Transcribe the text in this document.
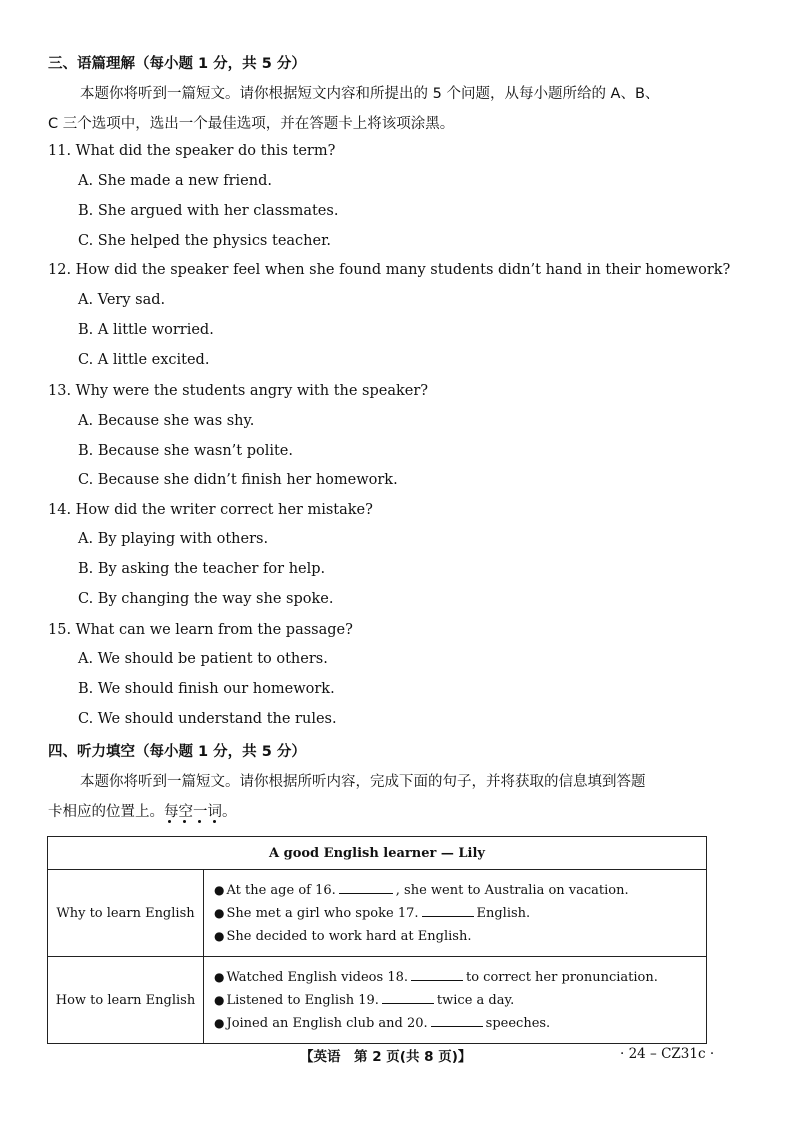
三、语篇理解（每小题 1 分，共 5 分）
本题你将听到一篇短文。请你根据短文内容和所提出的 5 个问题，从每小题所给的 A、B、
C 三个选项中，选出一个最佳选项，并在答题卡上将该项涂黑。
11. What did the speaker do this term?
A. She made a new friend.
B. She argued with her classmates.
C. She helped the physics teacher.
12. How did the speaker feel when she found many students didn’t hand in their homework?
A. Very sad.
B. A little worried.
C. A little excited.
13. Why were the students angry with the speaker?
A. Because she was shy.
B. Because she wasn’t polite.
C. Because she didn’t finish her homework.
14. How did the writer correct her mistake?
A. By playing with others.
B. By asking the teacher for help.
C. By changing the way she spoke.
15. What can we learn from the passage?
A. We should be patient to others.
B. We should finish our homework.
C. We should understand the rules.
四、听力填空（每小题 1 分，共 5 分）
本题你将听到一篇短文。请你根据所听内容，完成下面的句子，并将获取的信息填到答题
卡相应的位置上。每空一词
。
A good English learner — Lily	
Why to learn English	● At the age of 16. , she went to Australia on vacation.
● She met a girl who spoke 17. English.
● She decided to work hard at English.

How to learn English	● Watched English videos 18. to correct her pronunciation.
● Listened to English 19. twice a day.
● Joined an English club and 20. speeches.
【英语　第 2 页(共 8 页)】	· 24 – CZ31c ·
